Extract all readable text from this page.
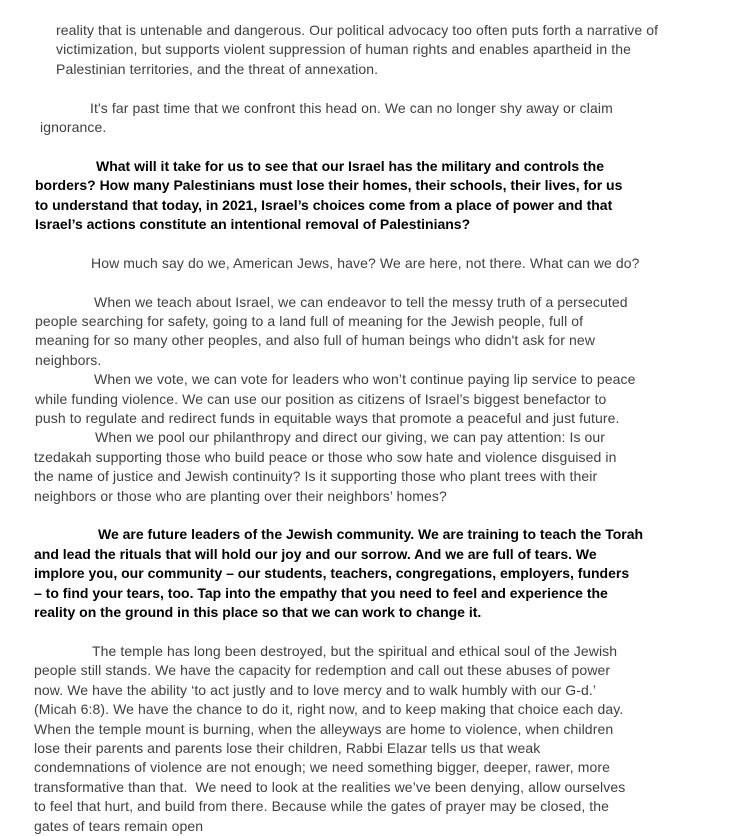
reality that is untenable and dangerous. Our political advocacy too often puts forth a narrative of
victimization, but supports violent suppression of human rights and enables apartheid in the
Palestinian territories, and the threat of annexation.
It's far past time that we confront this head on. We can no longer shy away or claim
ignorance.
What will it take for us to see that our Israel has the military and controls the
borders? How many Palestinians must lose their homes, their schools, their lives, for us
to understand that today, in 2021, Israel’s choices come from a place of power and that
Israel’s actions constitute an intentional removal of Palestinians?
How much say do we, American Jews, have? We are here, not there. What can we do?
When we teach about Israel, we can endeavor to tell the messy truth of a persecuted
people searching for safety, going to a land full of meaning for the Jewish people, full of
meaning for so many other peoples, and also full of human beings who didn't ask for new
neighbors.
When we vote, we can vote for leaders who won’t continue paying lip service to peace
while funding violence. We can use our position as citizens of Israel’s biggest benefactor to
push to regulate and redirect funds in equitable ways that promote a peaceful and just future.
When we pool our philanthropy and direct our giving, we can pay attention: Is our
tzedakah supporting those who build peace or those who sow hate and violence disguised in
the name of justice and Jewish continuity? Is it supporting those who plant trees with their
neighbors or those who are planting over their neighbors’ homes?
We are future leaders of the Jewish community. We are training to teach the Torah
and lead the rituals that will hold our joy and our sorrow. And we are full of tears. We
implore you, our community – our students, teachers, congregations, employers, funders
– to find your tears, too. Tap into the empathy that you need to feel and experience the
reality on the ground in this place so that we can work to change it.
The temple has long been destroyed, but the spiritual and ethical soul of the Jewish
people still stands. We have the capacity for redemption and call out these abuses of power
now. We have the ability ‘to act justly and to love mercy and to walk humbly with our G-d.’
(Micah 6:8). We have the chance to do it, right now, and to keep making that choice each day.
When the temple mount is burning, when the alleyways are home to violence, when children
lose their parents and parents lose their children, Rabbi Elazar tells us that weak
condemnations of violence are not enough; we need something bigger, deeper, rawer, more
transformative than that.  We need to look at the realities we’ve been denying, allow ourselves
to feel that hurt, and build from there. Because while the gates of prayer may be closed, the
gates of tears remain open
